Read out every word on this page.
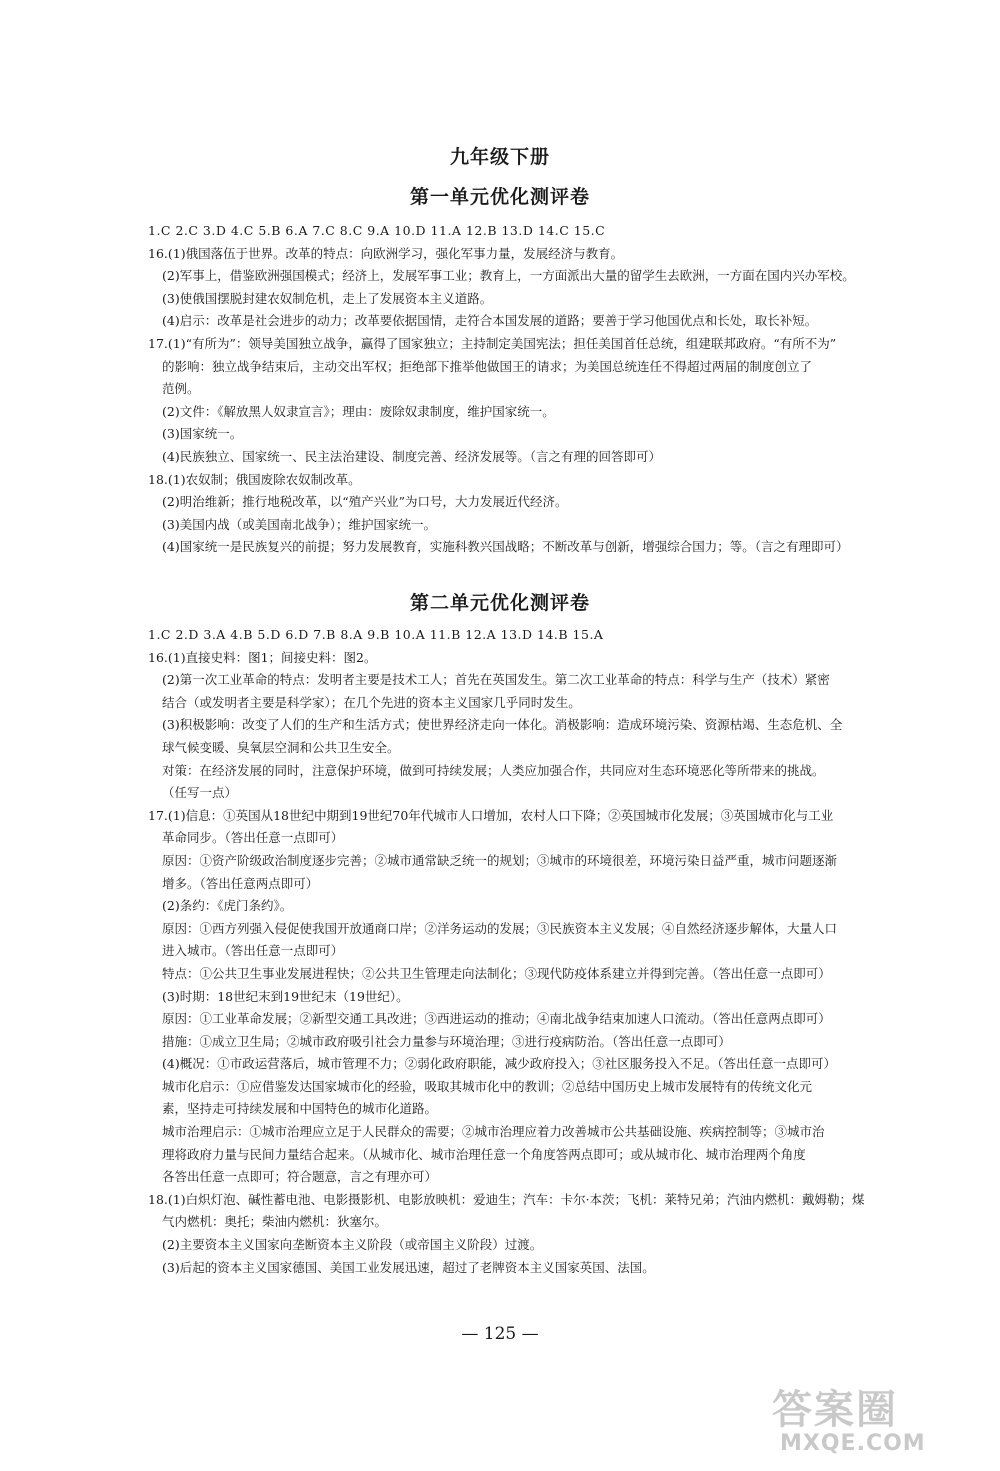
九年级下册
第一单元优化测评卷
1.C 2.C 3.D 4.C 5.B 6.A 7.C 8.C 9.A 10.D 11.A 12.B 13.D 14.C 15.C
16.(1)俄国落伍于世界。改革的特点：向欧洲学习，强化军事力量，发展经济与教育。
(2)军事上，借鉴欧洲强国模式；经济上，发展军事工业；教育上，一方面派出大量的留学生去欧洲，一方面在国内兴办军校。
(3)使俄国摆脱封建农奴制危机，走上了发展资本主义道路。
(4)启示：改革是社会进步的动力；改革要依据国情，走符合本国发展的道路；要善于学习他国优点和长处，取长补短。
17.(1)“有所为”：领导美国独立战争，赢得了国家独立；主持制定美国宪法；担任美国首任总统，组建联邦政府。“有所不为”
的影响：独立战争结束后，主动交出军权；拒绝部下推举他做国王的请求；为美国总统连任不得超过两届的制度创立了
范例。
(2)文件：《解放黑人奴隶宣言》；理由：废除奴隶制度，维护国家统一。
(3)国家统一。
(4)民族独立、国家统一、民主法治建设、制度完善、经济发展等。（言之有理的回答即可）
18.(1)农奴制；俄国废除农奴制改革。
(2)明治维新；推行地税改革，以“殖产兴业”为口号，大力发展近代经济。
(3)美国内战（或美国南北战争）；维护国家统一。
(4)国家统一是民族复兴的前提；努力发展教育，实施科教兴国战略；不断改革与创新，增强综合国力；等。（言之有理即可）
第二单元优化测评卷
1.C 2.D 3.A 4.B 5.D 6.D 7.B 8.A 9.B 10.A 11.B 12.A 13.D 14.B 15.A
16.(1)直接史料：图1；间接史料：图2。
(2)第一次工业革命的特点：发明者主要是技术工人；首先在英国发生。第二次工业革命的特点：科学与生产（技术）紧密
结合（或发明者主要是科学家）；在几个先进的资本主义国家几乎同时发生。
(3)积极影响：改变了人们的生产和生活方式；使世界经济走向一体化。消极影响：造成环境污染、资源枯竭、生态危机、全
球气候变暖、臭氧层空洞和公共卫生安全。
对策：在经济发展的同时，注意保护环境，做到可持续发展；人类应加强合作，共同应对生态环境恶化等所带来的挑战。
（任写一点）
17.(1)信息：①英国从18世纪中期到19世纪70年代城市人口增加，农村人口下降；②英国城市化发展；③英国城市化与工业
革命同步。（答出任意一点即可）
原因：①资产阶级政治制度逐步完善；②城市通常缺乏统一的规划；③城市的环境很差，环境污染日益严重，城市问题逐渐
增多。（答出任意两点即可）
(2)条约：《虎门条约》。
原因：①西方列强入侵促使我国开放通商口岸；②洋务运动的发展；③民族资本主义发展；④自然经济逐步解体，大量人口
进入城市。（答出任意一点即可）
特点：①公共卫生事业发展进程快；②公共卫生管理走向法制化；③现代防疫体系建立并得到完善。（答出任意一点即可）
(3)时期：18世纪末到19世纪末（19世纪）。
原因：①工业革命发展；②新型交通工具改进；③西进运动的推动；④南北战争结束加速人口流动。（答出任意两点即可）
措施：①成立卫生局；②城市政府吸引社会力量参与环境治理；③进行疫病防治。（答出任意一点即可）
(4)概况：①市政运营落后，城市管理不力；②弱化政府职能，减少政府投入；③社区服务投入不足。（答出任意一点即可）
城市化启示：①应借鉴发达国家城市化的经验，吸取其城市化中的教训；②总结中国历史上城市发展特有的传统文化元
素，坚持走可持续发展和中国特色的城市化道路。
城市治理启示：①城市治理应立足于人民群众的需要；②城市治理应着力改善城市公共基础设施、疾病控制等；③城市治
理将政府力量与民间力量结合起来。（从城市化、城市治理任意一个角度答两点即可；或从城市化、城市治理两个角度
各答出任意一点即可；符合题意，言之有理亦可）
18.(1)白炽灯泡、碱性蓄电池、电影摄影机、电影放映机：爱迪生；汽车：卡尔·本茨；飞机：莱特兄弟；汽油内燃机：戴姆勒；煤
气内燃机：奥托；柴油内燃机：狄塞尔。
(2)主要资本主义国家向垄断资本主义阶段（或帝国主义阶段）过渡。
(3)后起的资本主义国家德国、美国工业发展迅速，超过了老牌资本主义国家英国、法国。
— 125 —
答案圈
MXQE.COM
